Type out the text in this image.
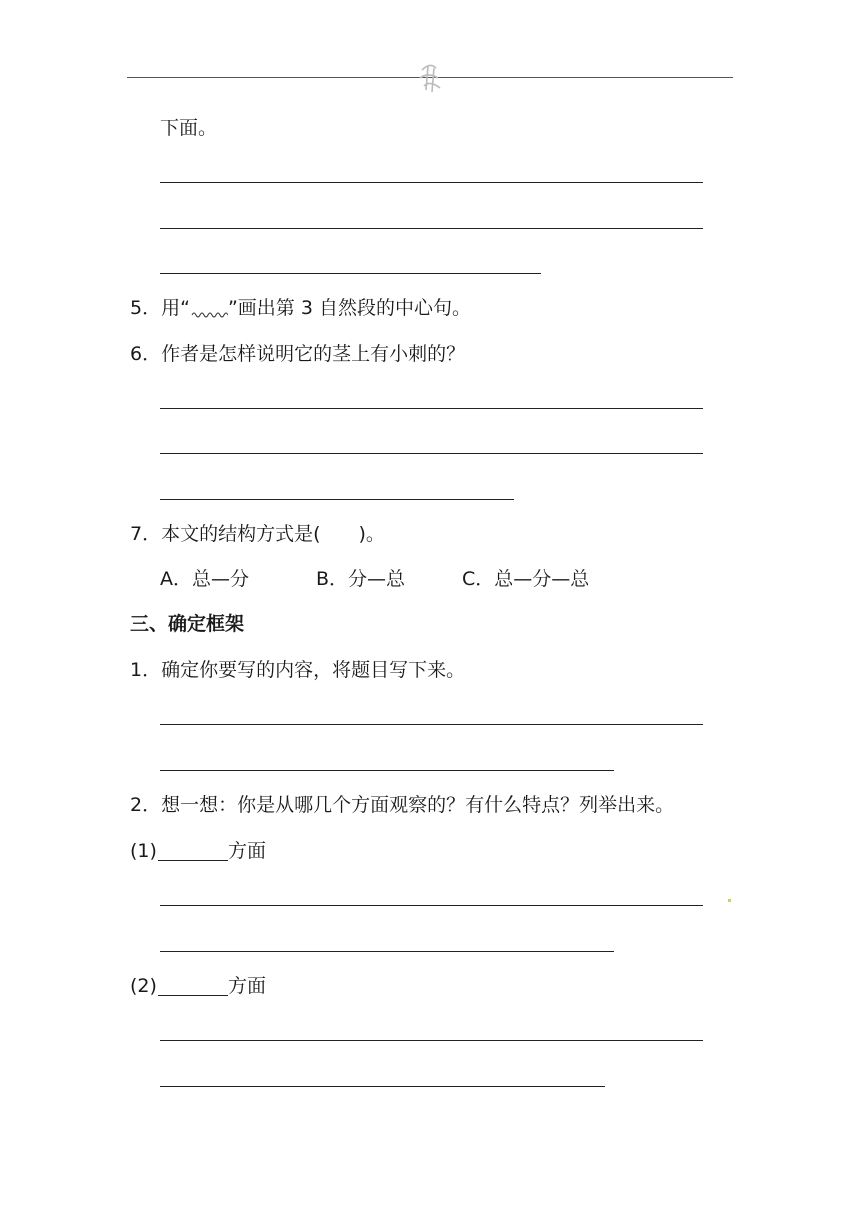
下面。
5．用“ ”画出第 3 自然段的中心句。
6．作者是怎样说明它的茎上有小刺的？
7．本文的结构方式是(　　)。
A．总—分	B．分—总	C．总—分—总
三、确定框架
1．确定你要写的内容，将题目写下来。
2．想一想：你是从哪几个方面观察的？有什么特点？列举出来。
(1)	方面
(2)	方面
